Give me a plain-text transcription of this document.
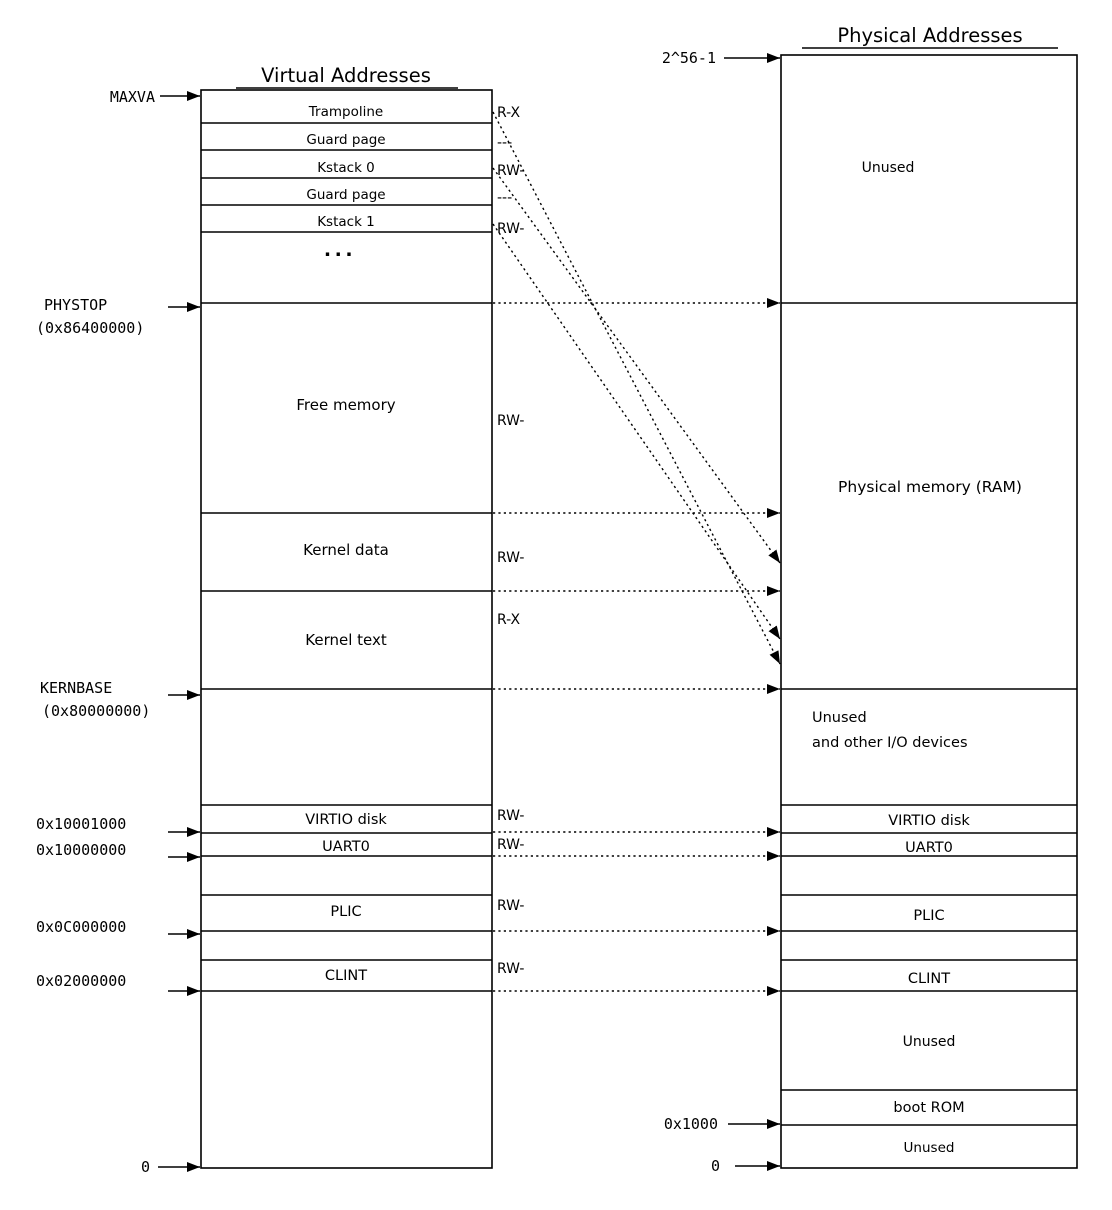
Virtual Addresses
Trampoline
Guard page
Kstack 0
Guard page
Kstack 1
...
Free memory
Kernel data
Kernel text
VIRTIO disk
UART0
PLIC
CLINT
R-X
---
RW-
---
RW-
RW-
RW-
R-X
RW-
RW-
RW-
RW-
MAXVA
PHYSTOP
(0x86400000)
KERNBASE
(0x80000000)
0x10001000
0x10000000
0x0C000000
0x02000000
0
Physical Addresses
Unused
Physical memory (RAM)
Unused
and other I/O devices
VIRTIO disk
UART0
PLIC
CLINT
Unused
boot ROM
Unused
2^56-1
0x1000
0
